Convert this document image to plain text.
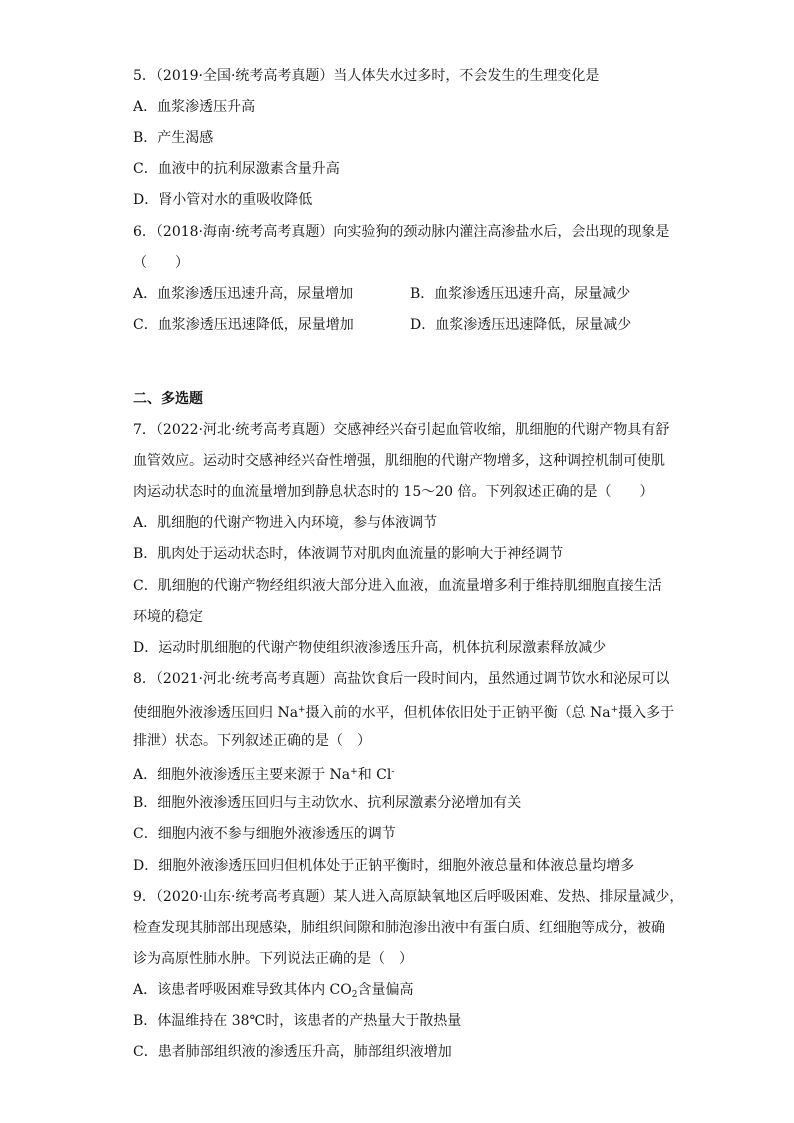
5．（2019·全国·统考高考真题）当人体失水过多时，不会发生的生理变化是
A．血浆渗透压升高
B．产生渴感
C．血液中的抗利尿激素含量升高
D．肾小管对水的重吸收降低
6．（2018·海南·统考高考真题）向实验狗的颈动脉内灌注高渗盐水后，会出现的现象是
（　　）
A．血浆渗透压迅速升高，尿量增加	B．血浆渗透压迅速升高，尿量减少
C．血浆渗透压迅速降低，尿量增加	D．血浆渗透压迅速降低，尿量减少
二、多选题
7．（2022·河北·统考高考真题）交感神经兴奋引起血管收缩，肌细胞的代谢产物具有舒
血管效应。运动时交感神经兴奋性增强，肌细胞的代谢产物增多，这种调控机制可使肌
肉运动状态时的血流量增加到静息状态时的 15～20 倍。下列叙述正确的是（　　）
A．肌细胞的代谢产物进入内环境，参与体液调节
B．肌肉处于运动状态时，体液调节对肌肉血流量的影响大于神经调节
C．肌细胞的代谢产物经组织液大部分进入血液，血流量增多利于维持肌细胞直接生活
环境的稳定
D．运动时肌细胞的代谢产物使组织液渗透压升高，机体抗利尿激素释放减少
8．（2021·河北·统考高考真题）高盐饮食后一段时间内，虽然通过调节饮水和泌尿可以
使细胞外液渗透压回归 Na+摄入前的水平，但机体依旧处于正钠平衡（总 Na+摄入多于
排泄）状态。下列叙述正确的是（　）
A．细胞外液渗透压主要来源于 Na+和 Cl-
B．细胞外液渗透压回归与主动饮水、抗利尿激素分泌增加有关
C．细胞内液不参与细胞外液渗透压的调节
D．细胞外液渗透压回归但机体处于正钠平衡时，细胞外液总量和体液总量均增多
9．（2020·山东·统考高考真题）某人进入高原缺氧地区后呼吸困难、发热、排尿量减少，
检查发现其肺部出现感染，肺组织间隙和肺泡渗出液中有蛋白质、红细胞等成分，被确
诊为高原性肺水肿。下列说法正确的是（　）
A．该患者呼吸困难导致其体内 $CO_2$含量偏高
B．体温维持在 38℃时，该患者的产热量大于散热量
C．患者肺部组织液的渗透压升高，肺部组织液增加
